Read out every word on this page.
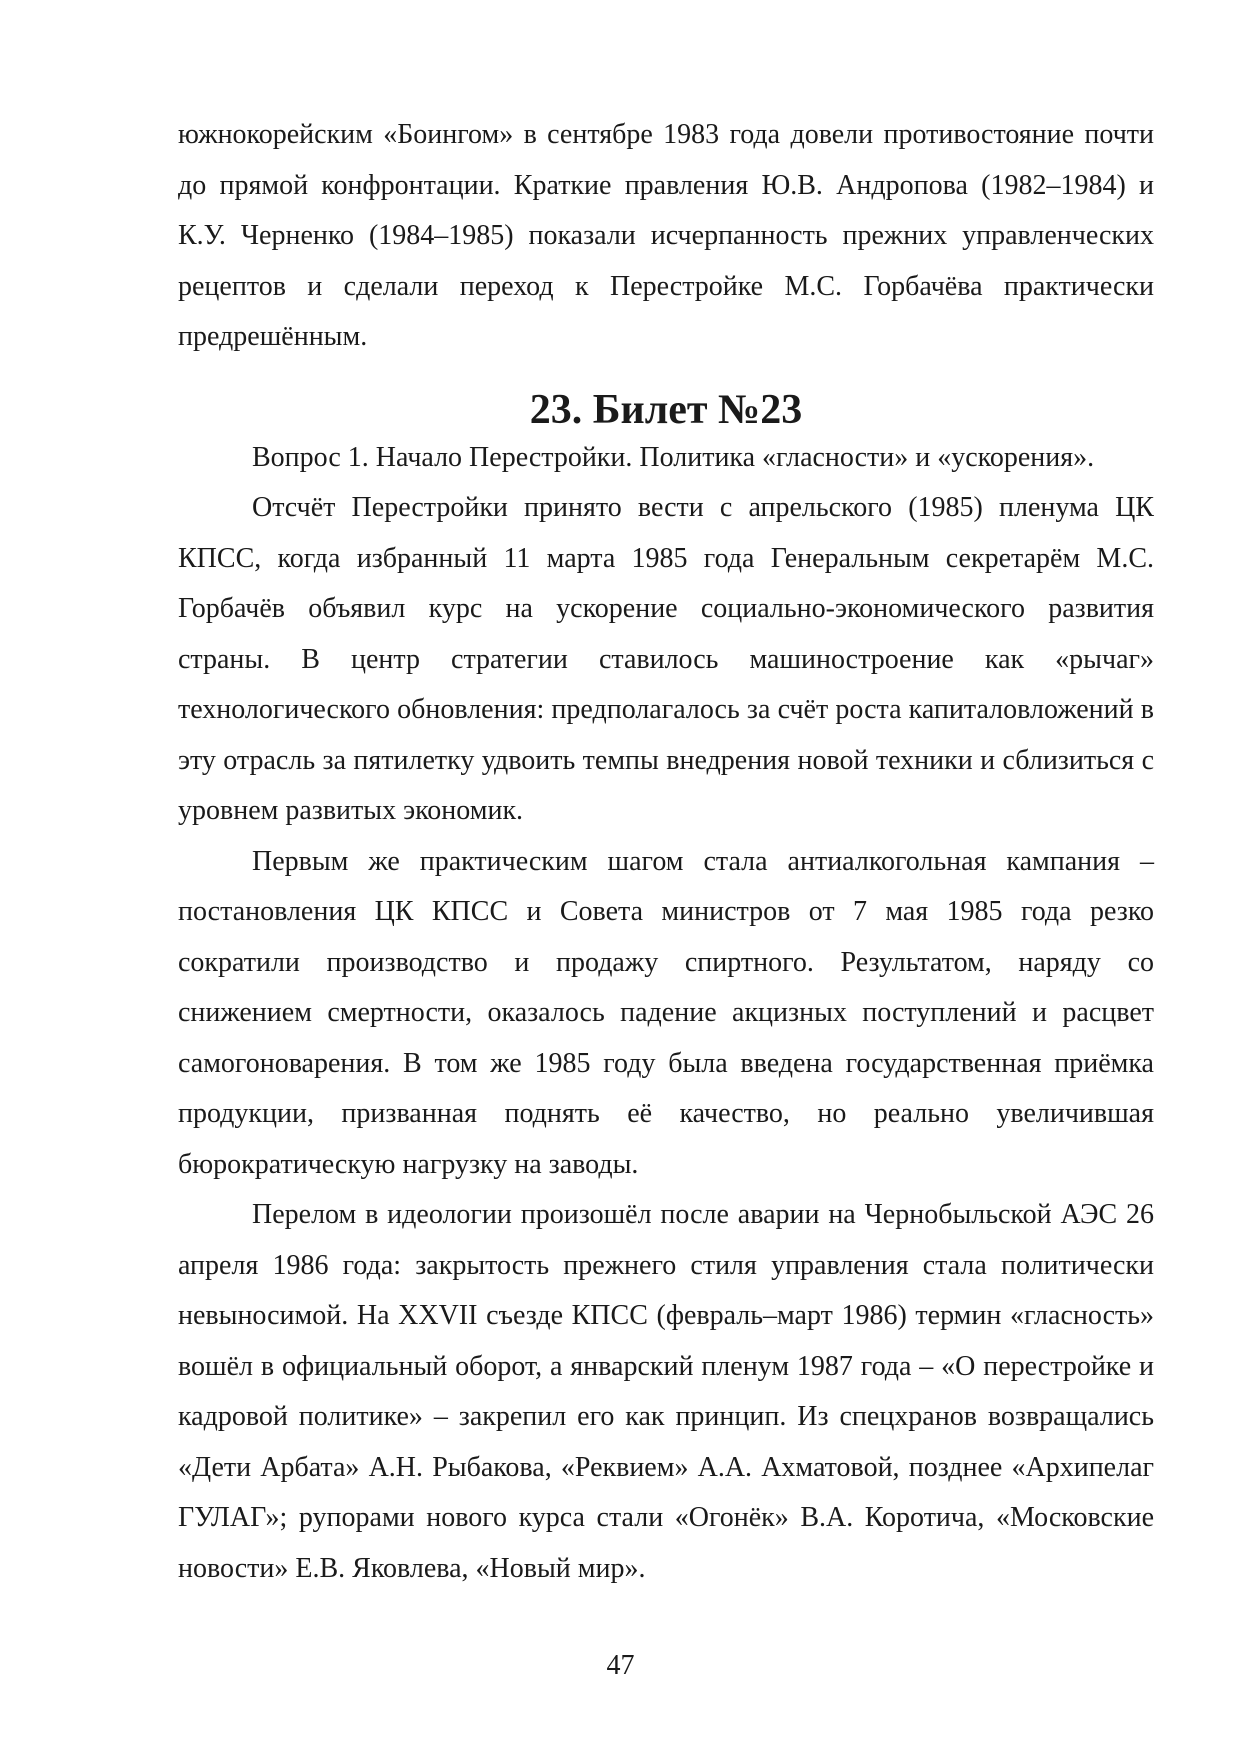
южнокорейским «Боингом» в сентябре 1983 года довели противостояние почти до прямой конфронтации. Краткие правления Ю.В. Андропова (1982–1984) и К.У. Черненко (1984–1985) показали исчерпанность прежних управленческих рецептов и сделали переход к Перестройке М.С. Горбачёва практически предрешённым.

23. Билет №23

Вопрос 1. Начало Перестройки. Политика «гласности» и «ускорения».

Отсчёт Перестройки принято вести с апрельского (1985) пленума ЦК КПСС, когда избранный 11 марта 1985 года Генеральным секретарём М.С. Горбачёв объявил курс на ускорение социально-экономического развития страны. В центр стратегии ставилось машиностроение как «рычаг» технологического обновления: предполагалось за счёт роста капиталовложений в эту отрасль за пятилетку удвоить темпы внедрения новой техники и сблизиться с уровнем развитых экономик.

Первым же практическим шагом стала антиалкогольная кампания – постановления ЦК КПСС и Совета министров от 7 мая 1985 года резко сократили производство и продажу спиртного. Результатом, наряду со снижением смертности, оказалось падение акцизных поступлений и расцвет самогоноварения. В том же 1985 году была введена государственная приёмка продукции, призванная поднять её качество, но реально увеличившая бюрократическую нагрузку на заводы.

Перелом в идеологии произошёл после аварии на Чернобыльской АЭС 26 апреля 1986 года: закрытость прежнего стиля управления стала политически невыносимой. На XXVII съезде КПСС (февраль–март 1986) термин «гласность» вошёл в официальный оборот, а январский пленум 1987 года – «О перестройке и кадровой политике» – закрепил его как принцип. Из спецхранов возвращались «Дети Арбата» А.Н. Рыбакова, «Реквием» А.А. Ахматовой, позднее «Архипелаг ГУЛАГ»; рупорами нового курса стали «Огонёк» В.А. Коротича, «Московские новости» Е.В. Яковлева, «Новый мир».

47
